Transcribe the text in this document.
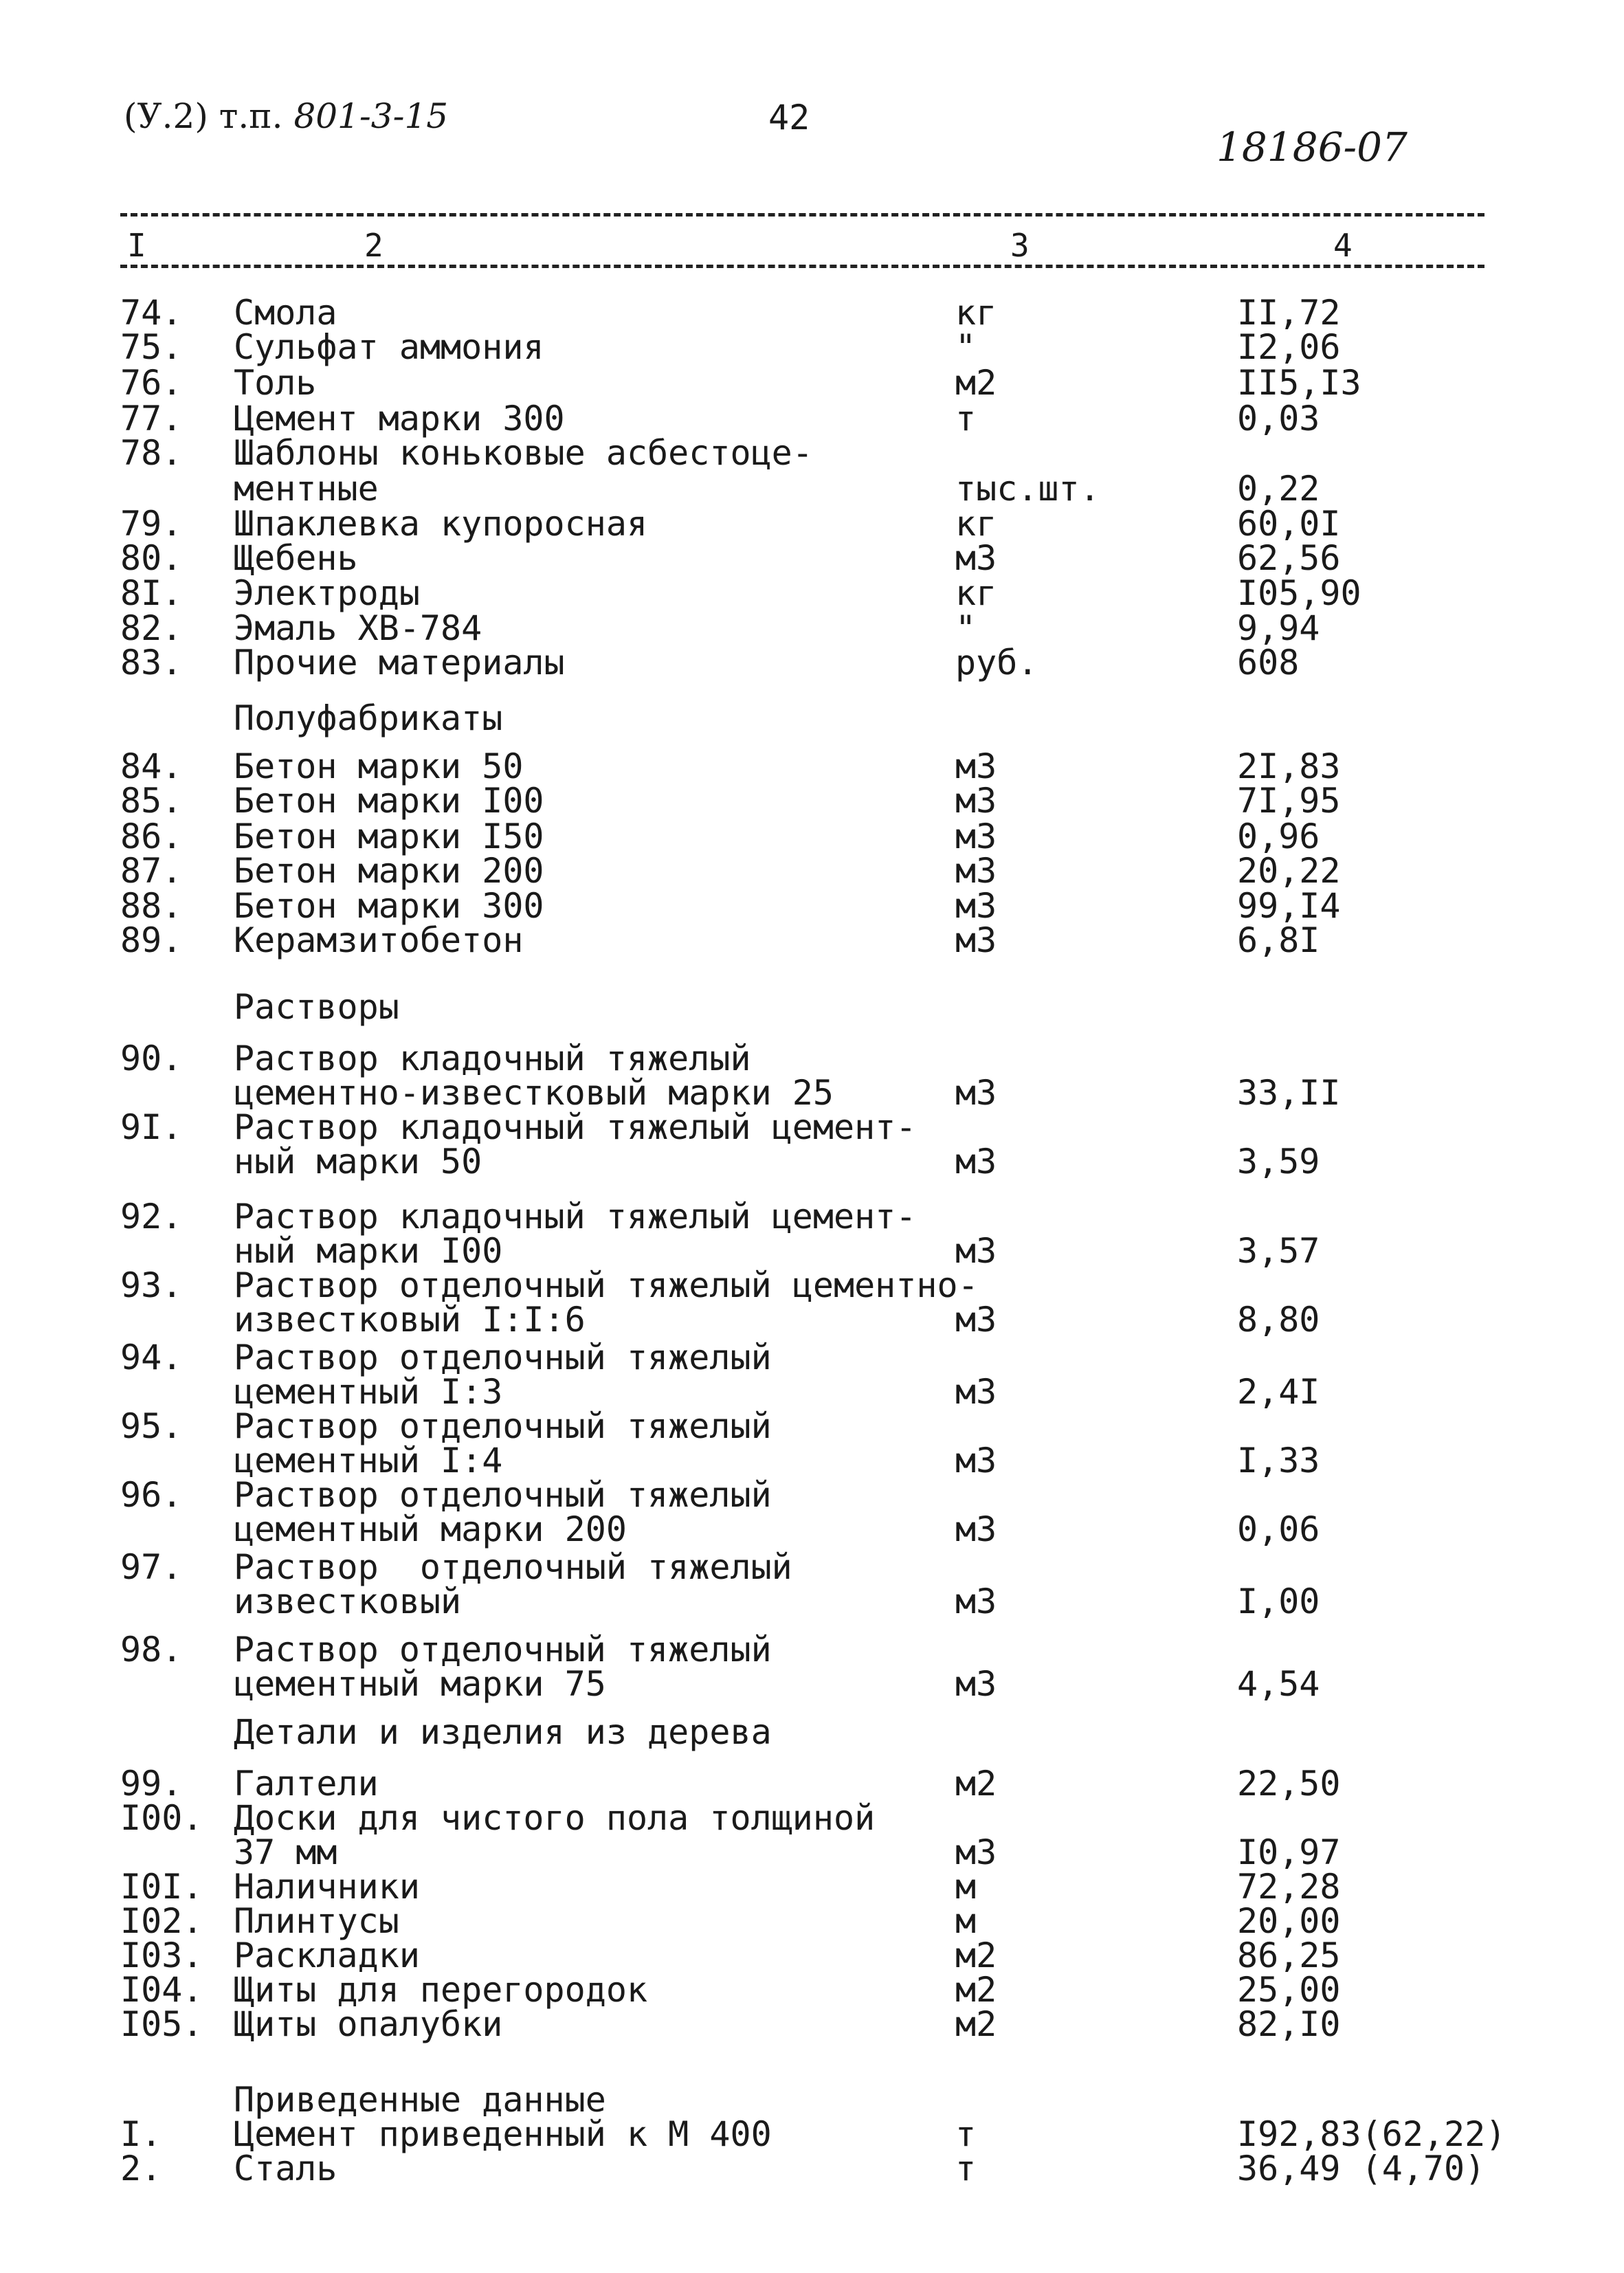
(У.2) т.п. 801-3-15	42
18186-07
I	2	3	4
Полуфабрикаты
Растворы
Детали и изделия из дерева
Приведенные данные
74. Смола	кг	II,72
75. Сульфат аммония	"	I2,06
76. Толь	м2	II5,I3
77. Цемент марки 300	т	0,03
78. Шаблоны коньковые асбестоце-
ментные	тыс.шт.	0,22
79. Шпаклевка купоросная	кг	60,0I
80. Щебень	м3	62,56
8I. Электроды	кг	I05,90
82. Эмаль ХВ-784	"	9,94
83. Прочие материалы	руб.	608
84. Бетон марки 50	м3	2I,83
85. Бетон марки I00	м3	7I,95
86. Бетон марки I50	м3	0,96
87. Бетон марки 200	м3	20,22
88. Бетон марки 300	м3	99,I4
89. Керамзитобетон	м3	6,8I
90. Раствор кладочный тяжелый
цементно-известковый марки 25	м3	33,II
9I. Раствор кладочный тяжелый цемент-
ный марки 50	м3	3,59
92. Раствор кладочный тяжелый цемент-
ный марки I00	м3	3,57
93. Раствор отделочный тяжелый цементно-
известковый I:I:6	м3	8,80
94. Раствор отделочный тяжелый
цементный I:3	м3	2,4I
95. Раствор отделочный тяжелый
цементный I:4	м3	I,33
96. Раствор отделочный тяжелый
цементный марки 200	м3	0,06
97. Раствор  отделочный тяжелый
известковый	м3	I,00
98. Раствор отделочный тяжелый
цементный марки 75	м3	4,54
99. Галтели	м2	22,50
I00. Доски для чистого пола толщиной
37 мм	м3	I0,97
I0I. Наличники	м	72,28
I02. Плинтусы	м	20,00
I03. Раскладки	м2	86,25
I04. Щиты для перегородок	м2	25,00
I05. Щиты опалубки	м2	82,I0
I. Цемент приведенный к М 400	т	I92,83(62,22)
2. Сталь	т	36,49 (4,70)
